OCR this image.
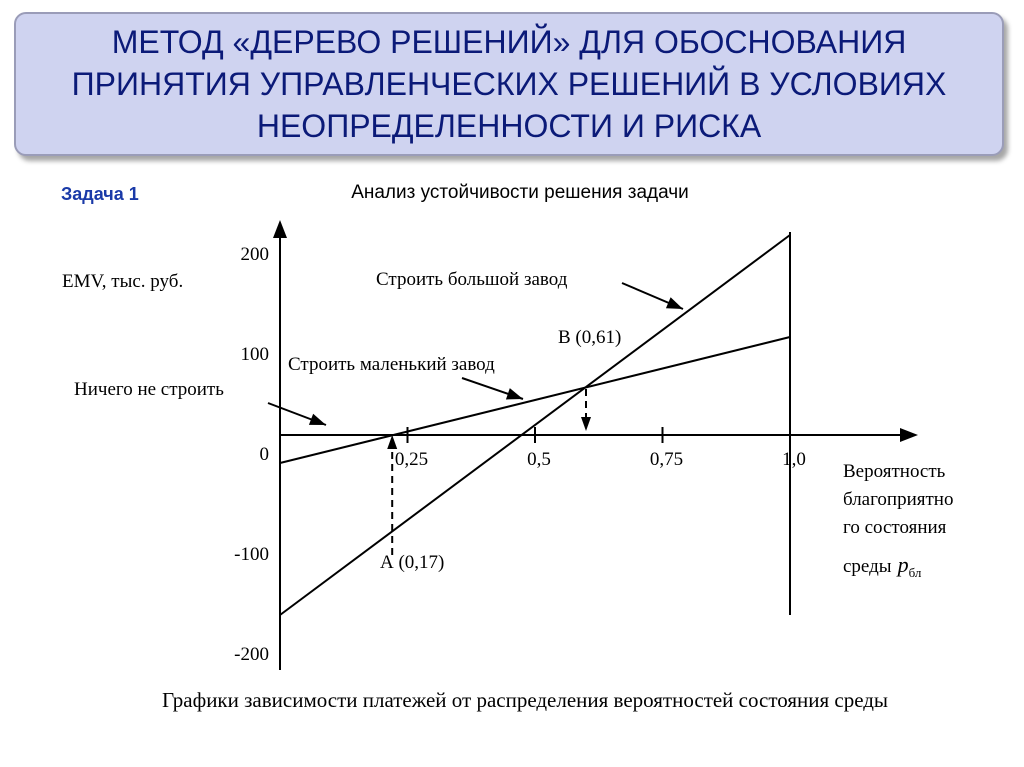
МЕТОД «ДЕРЕВО РЕШЕНИЙ» ДЛЯ ОБОСНОВАНИЯ ПРИНЯТИЯ УПРАВЛЕНЧЕСКИХ РЕШЕНИЙ В УСЛОВИЯХ НЕОПРЕДЕЛЕННОСТИ И РИСКА
Задача 1	Анализ устойчивости решения задачи
EMV, тыс. руб.
Вероятность
благоприятно
го состояния
среды $р_{бл}$
0,25	0,5	0,75	1,0
200
100
0
-100
-200
Строить большой завод
Строить маленький завод
Ничего не строить
А (0,17)
В (0,61)
Графики зависимости платежей от распределения вероятностей состояния среды
